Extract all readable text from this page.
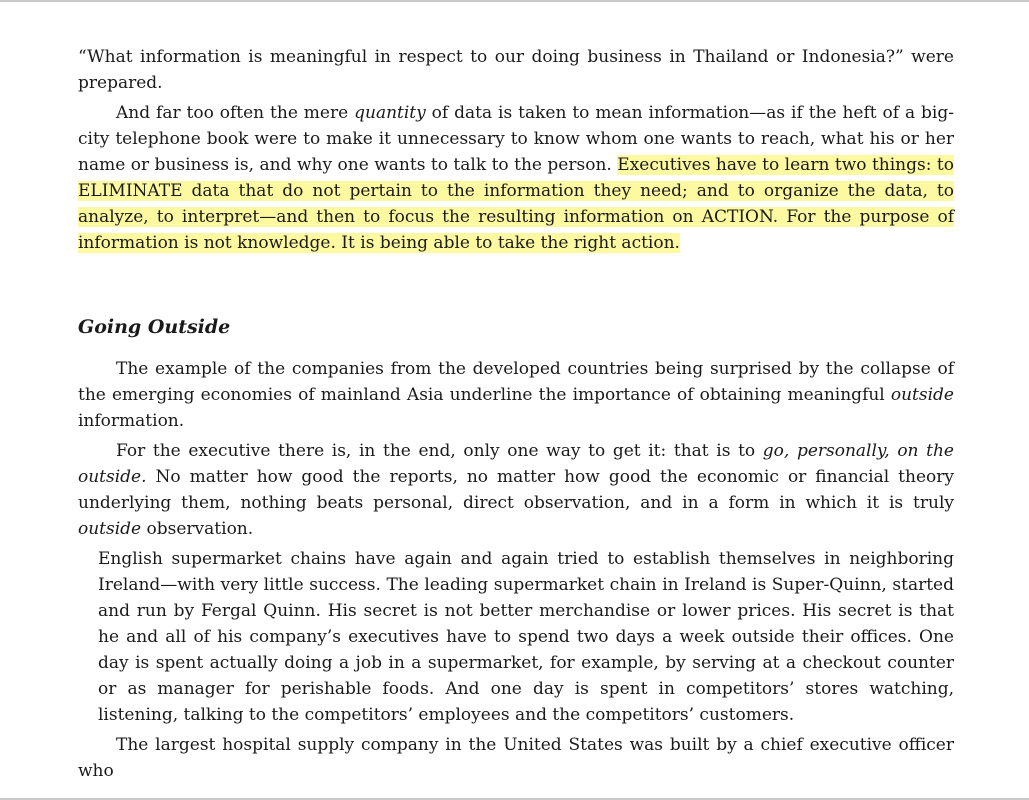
“What information is meaningful in respect to our doing business in Thailand or Indonesia?” were prepared.

And far too often the mere quantity of data is taken to mean information—as if the heft of a big-city telephone book were to make it unnecessary to know whom one wants to reach, what his or her name or business is, and why one wants to talk to the person. Executives have to learn two things: to ELIMINATE data that do not pertain to the information they need; and to organize the data, to analyze, to interpret—and then to focus the resulting information on ACTION. For the purpose of information is not knowledge. It is being able to take the right action.

Going Outside

The example of the companies from the developed countries being surprised by the collapse of the emerging economies of mainland Asia underline the importance of obtaining meaningful outside information.

For the executive there is, in the end, only one way to get it: that is to go, personally, on the outside. No matter how good the reports, no matter how good the economic or financial theory underlying them, nothing beats personal, direct observation, and in a form in which it is truly outside observation.

English supermarket chains have again and again tried to establish themselves in neighboring Ireland—with very little success. The leading supermarket chain in Ireland is Super-Quinn, started and run by Fergal Quinn. His secret is not better merchandise or lower prices. His secret is that he and all of his company’s executives have to spend two days a week outside their offices. One day is spent actually doing a job in a supermarket, for example, by serving at a checkout counter or as manager for perishable foods. And one day is spent in competitors’ stores watching, listening, talking to the competitors’ employees and the competitors’ customers.

The largest hospital supply company in the United States was built by a chief executive officer who
